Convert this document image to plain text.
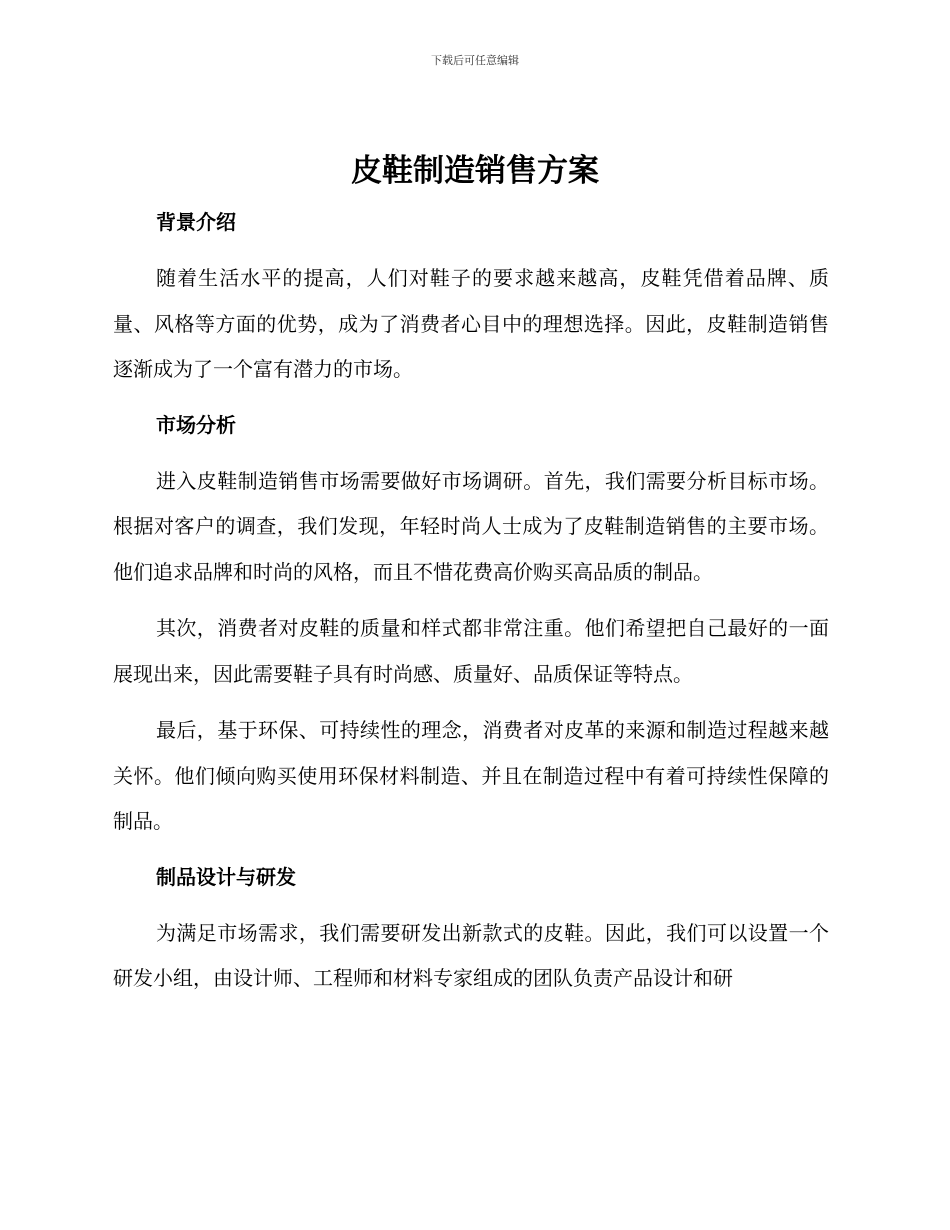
下载后可任意编辑
皮鞋制造销售方案
背景介绍

随着生活水平的提高，人们对鞋子的要求越来越高，皮鞋凭借着品牌、质量、风格等方面的优势，成为了消费者心目中的理想选择。因此，皮鞋制造销售逐渐成为了一个富有潜力的市场。

市场分析

进入皮鞋制造销售市场需要做好市场调研。首先，我们需要分析目标市场。根据对客户的调查，我们发现，年轻时尚人士成为了皮鞋制造销售的主要市场。他们追求品牌和时尚的风格，而且不惜花费高价购买高品质的制品。

其次，消费者对皮鞋的质量和样式都非常注重。他们希望把自己最好的一面展现出来，因此需要鞋子具有时尚感、质量好、品质保证等特点。

最后，基于环保、可持续性的理念，消费者对皮革的来源和制造过程越来越关怀。他们倾向购买使用环保材料制造、并且在制造过程中有着可持续性保障的制品。

制品设计与研发

为满足市场需求，我们需要研发出新款式的皮鞋。因此，我们可以设置一个研发小组，由设计师、工程师和材料专家组成的团队负责产品设计和研
